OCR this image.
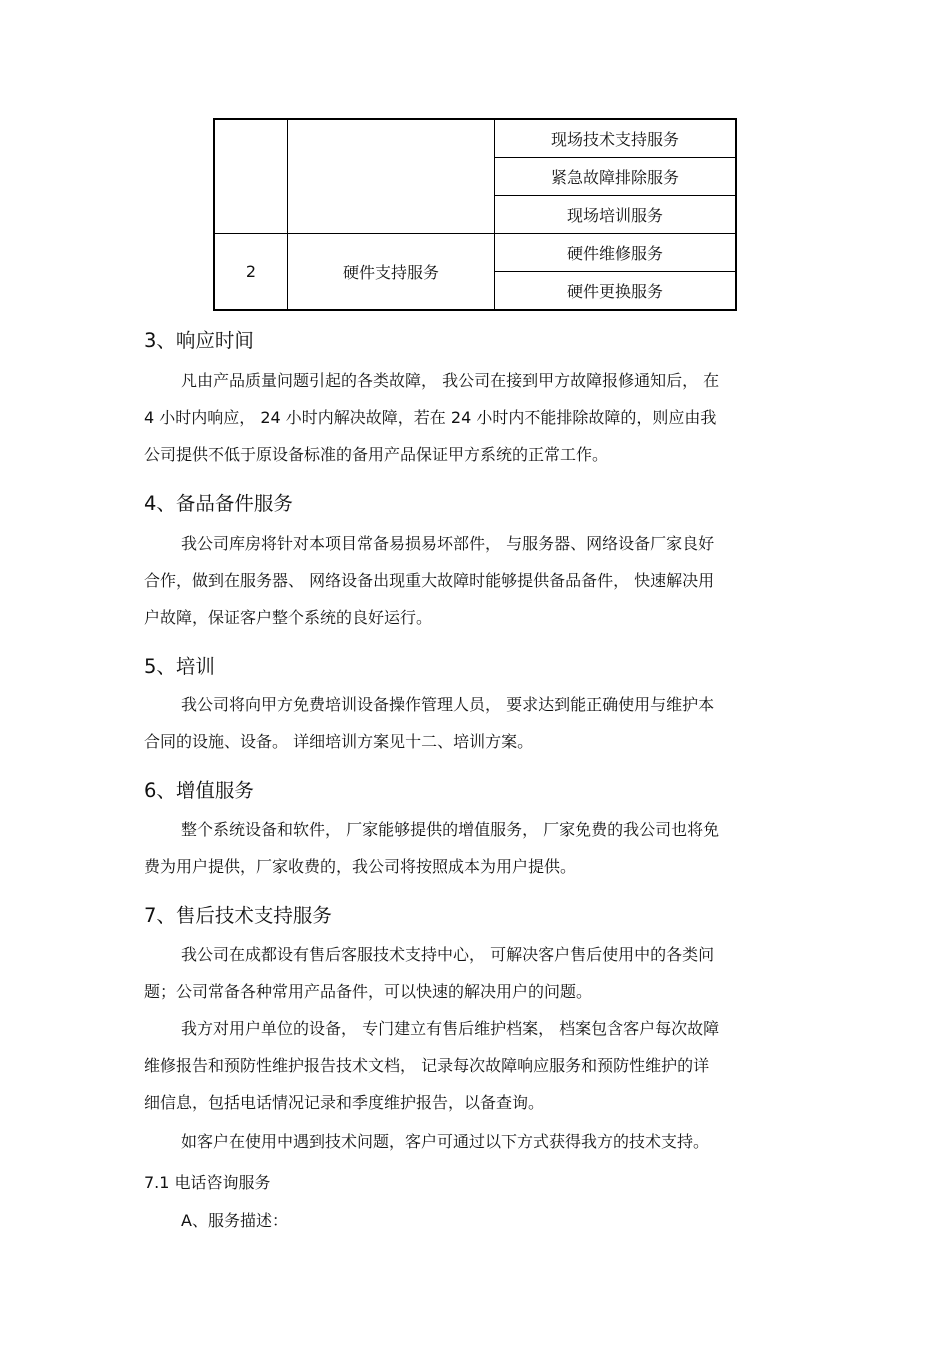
		现场技术支持服务
		紧急故障排除服务
		现场培训服务
2	硬件支持服务	硬件维修服务
		硬件更换服务
3、响应时间
凡由产品质量问题引起的各类故障， 我公司在接到甲方故障报修通知后， 在
4 小时内响应， 24 小时内解决故障，若在 24 小时内不能排除故障的，则应由我
公司提供不低于原设备标准的备用产品保证甲方系统的正常工作。
4、备品备件服务
我公司库房将针对本项目常备易损易坏部件， 与服务器、网络设备厂家良好
合作，做到在服务器、 网络设备出现重大故障时能够提供备品备件， 快速解决用
户故障，保证客户整个系统的良好运行。
5、培训
我公司将向甲方免费培训设备操作管理人员， 要求达到能正确使用与维护本
合同的设施、设备。 详细培训方案见十二、培训方案。
6、增值服务
整个系统设备和软件， 厂家能够提供的增值服务， 厂家免费的我公司也将免
费为用户提供，厂家收费的，我公司将按照成本为用户提供。
7、售后技术支持服务
我公司在成都设有售后客服技术支持中心， 可解决客户售后使用中的各类问
题；公司常备各种常用产品备件，可以快速的解决用户的问题。
我方对用户单位的设备， 专门建立有售后维护档案， 档案包含客户每次故障
维修报告和预防性维护报告技术文档， 记录每次故障响应服务和预防性维护的详
细信息，包括电话情况记录和季度维护报告，以备查询。
如客户在使用中遇到技术问题，客户可通过以下方式获得我方的技术支持。
7.1 电话咨询服务
A、服务描述：
